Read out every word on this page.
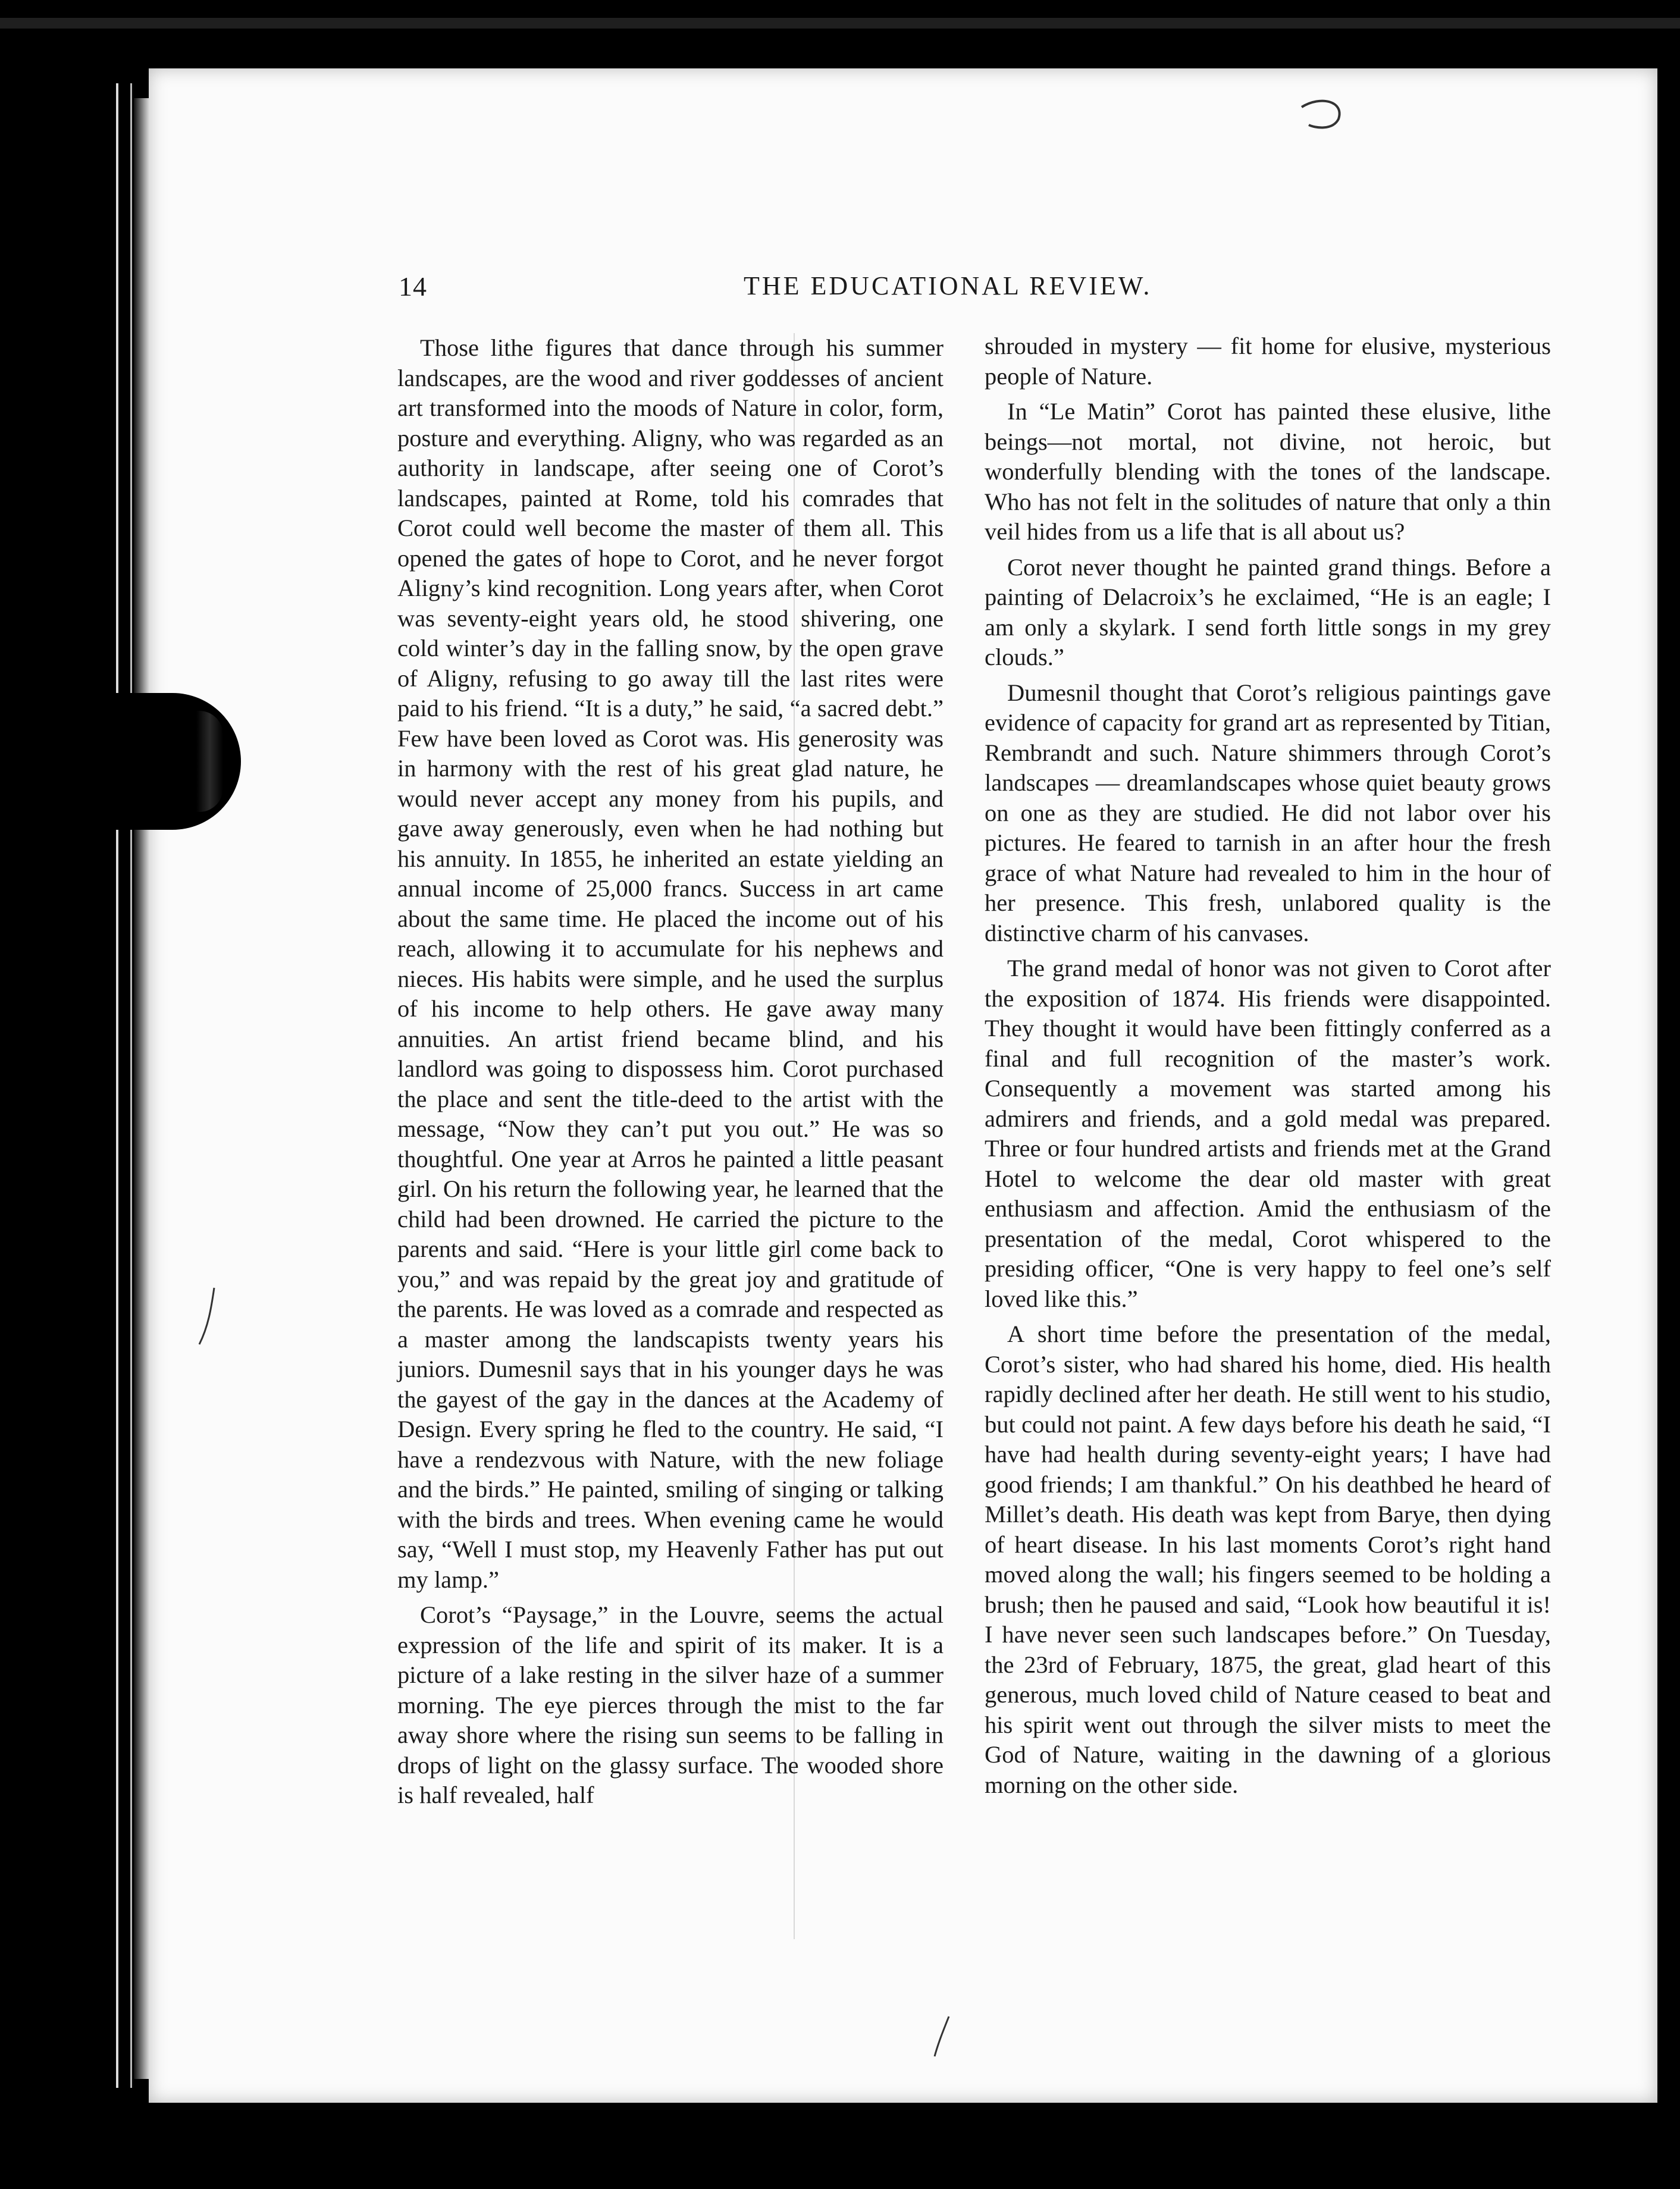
14	THE EDUCATIONAL REVIEW.

Those lithe figures that dance through his summer landscapes, are the wood and river goddesses of ancient art transformed into the moods of Nature in color, form, posture and everything. Aligny, who was regarded as an authority in landscape, after seeing one of Corot’s landscapes, painted at Rome, told his comrades that Corot could well become the master of them all. This opened the gates of hope to Corot, and he never forgot Aligny’s kind recognition. Long years after, when Corot was seventy-eight years old, he stood shivering, one cold winter’s day in the falling snow, by the open grave of Aligny, refusing to go away till the last rites were paid to his friend. “It is a duty,” he said, “a sacred debt.” Few have been loved as Corot was. His generosity was in harmony with the rest of his great glad nature, he would never accept any money from his pupils, and gave away generously, even when he had nothing but his annuity. In 1855, he inherited an estate yielding an annual income of 25,000 francs. Success in art came about the same time. He placed the income out of his reach, allowing it to accumulate for his nephews and nieces. His habits were simple, and he used the surplus of his income to help others. He gave away many annuities. An artist friend became blind, and his landlord was going to dispossess him. Corot purchased the place and sent the title-deed to the artist with the message, “Now they can’t put you out.” He was so thoughtful. One year at Arros he painted a little peasant girl. On his return the following year, he learned that the child had been drowned. He carried the picture to the parents and said. “Here is your little girl come back to you,” and was repaid by the great joy and gratitude of the parents. He was loved as a comrade and respected as a master among the landscapists twenty years his juniors. Dumesnil says that in his younger days he was the gayest of the gay in the dances at the Academy of Design. Every spring he fled to the country. He said, “I have a rendezvous with Nature, with the new foliage and the birds.” He painted, smiling of singing or talking with the birds and trees. When evening came he would say, “Well I must stop, my Heavenly Father has put out my lamp.”

Corot’s “Paysage,” in the Louvre, seems the actual expression of the life and spirit of its maker. It is a picture of a lake resting in the silver haze of a summer morning. The eye pierces through the mist to the far away shore where the rising sun seems to be falling in drops of light on the glassy surface. The wooded shore is half revealed, half

shrouded in mystery — fit home for elusive, mysterious people of Nature.

In “Le Matin” Corot has painted these elusive, lithe beings—not mortal, not divine, not heroic, but wonderfully blending with the tones of the landscape. Who has not felt in the solitudes of nature that only a thin veil hides from us a life that is all about us?

Corot never thought he painted grand things. Before a painting of Delacroix’s he exclaimed, “He is an eagle; I am only a skylark. I send forth little songs in my grey clouds.”

Dumesnil thought that Corot’s religious paintings gave evidence of capacity for grand art as represented by Titian, Rembrandt and such. Nature shimmers through Corot’s landscapes — dreamlandscapes whose quiet beauty grows on one as they are studied. He did not labor over his pictures. He feared to tarnish in an after hour the fresh grace of what Nature had revealed to him in the hour of her presence. This fresh, unlabored quality is the distinctive charm of his canvases.

The grand medal of honor was not given to Corot after the exposition of 1874. His friends were disappointed. They thought it would have been fittingly conferred as a final and full recognition of the master’s work. Consequently a movement was started among his admirers and friends, and a gold medal was prepared. Three or four hundred artists and friends met at the Grand Hotel to welcome the dear old master with great enthusiasm and affection. Amid the enthusiasm of the presentation of the medal, Corot whispered to the presiding officer, “One is very happy to feel one’s self loved like this.”

A short time before the presentation of the medal, Corot’s sister, who had shared his home, died. His health rapidly declined after her death. He still went to his studio, but could not paint. A few days before his death he said, “I have had health during seventy-eight years; I have had good friends; I am thankful.” On his deathbed he heard of Millet’s death. His death was kept from Barye, then dying of heart disease. In his last moments Corot’s right hand moved along the wall; his fingers seemed to be holding a brush; then he paused and said, “Look how beautiful it is! I have never seen such landscapes before.” On Tuesday, the 23rd of February, 1875, the great, glad heart of this generous, much loved child of Nature ceased to beat and his spirit went out through the silver mists to meet the God of Nature, waiting in the dawning of a glorious morning on the other side.
